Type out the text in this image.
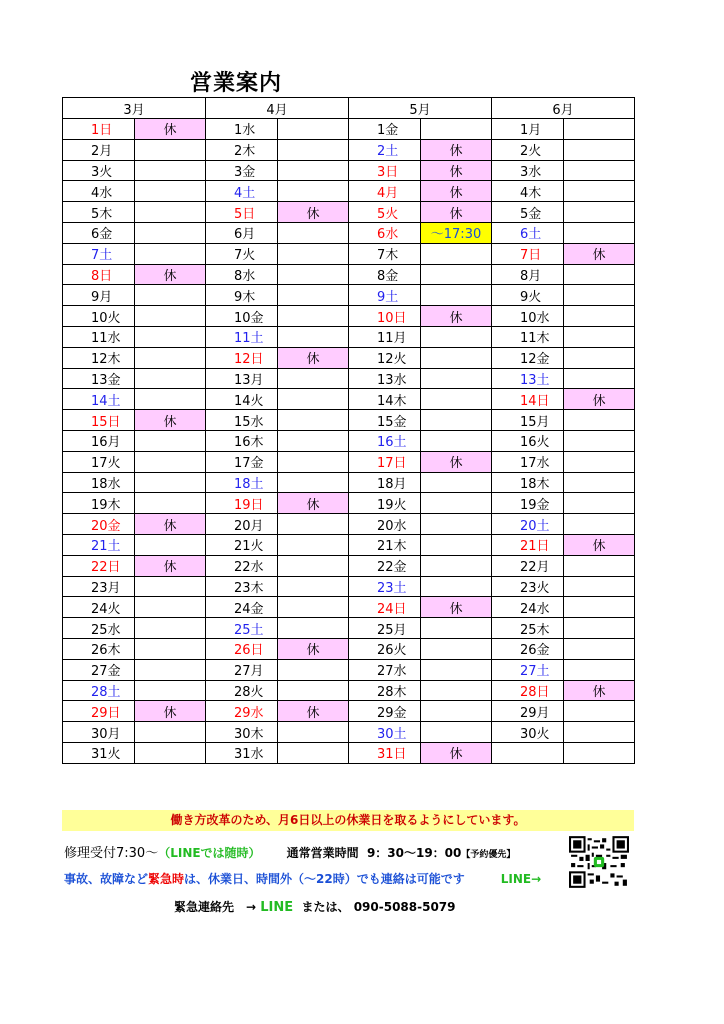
営業案内
3月		4月		5月		6月	
1日	休	1水		1金		1月	
2月		2木		2土	休	2火	
3火		3金		3日	休	3水	
4水		4土		4月	休	4木	
5木		5日	休	5火	休	5金	
6金		6月		6水	〜17:30	6土	
7土		7火		7木		7日	休
8日	休	8水		8金		8月	
9月		9木		9土		9火	
10火		10金		10日	休	10水	
11水		11土		11月		11木	
12木		12日	休	12火		12金	
13金		13月		13水		13土	
14土		14火		14木		14日	休
15日	休	15水		15金		15月	
16月		16木		16土		16火	
17火		17金		17日	休	17水	
18水		18土		18月		18木	
19木		19日	休	19火		19金	
20金	休	20月		20水		20土	
21土		21火		21木		21日	休
22日	休	22水		22金		22月	
23月		23木		23土		23火	
24火		24金		24日	休	24水	
25水		25土		25月		25木	
26木		26日	休	26火		26金	
27金		27月		27水		27土	
28土		28火		28木		28日	休
29日	休	29水	休	29金		29月	
30月		30木		30土		30火	
31火		31水		31日	休		
働き方改革のため、月6日以上の休業日を取るようにしています。
修理受付7:30〜（LINEでは随時） 通常営業時間 9：30〜19：00【予約優先】
事故、故障など緊急時は、休業日、時間外（〜22時）でも連絡は可能です	LINE→
緊急連絡先　→ LINE または、 090-5088-5079
